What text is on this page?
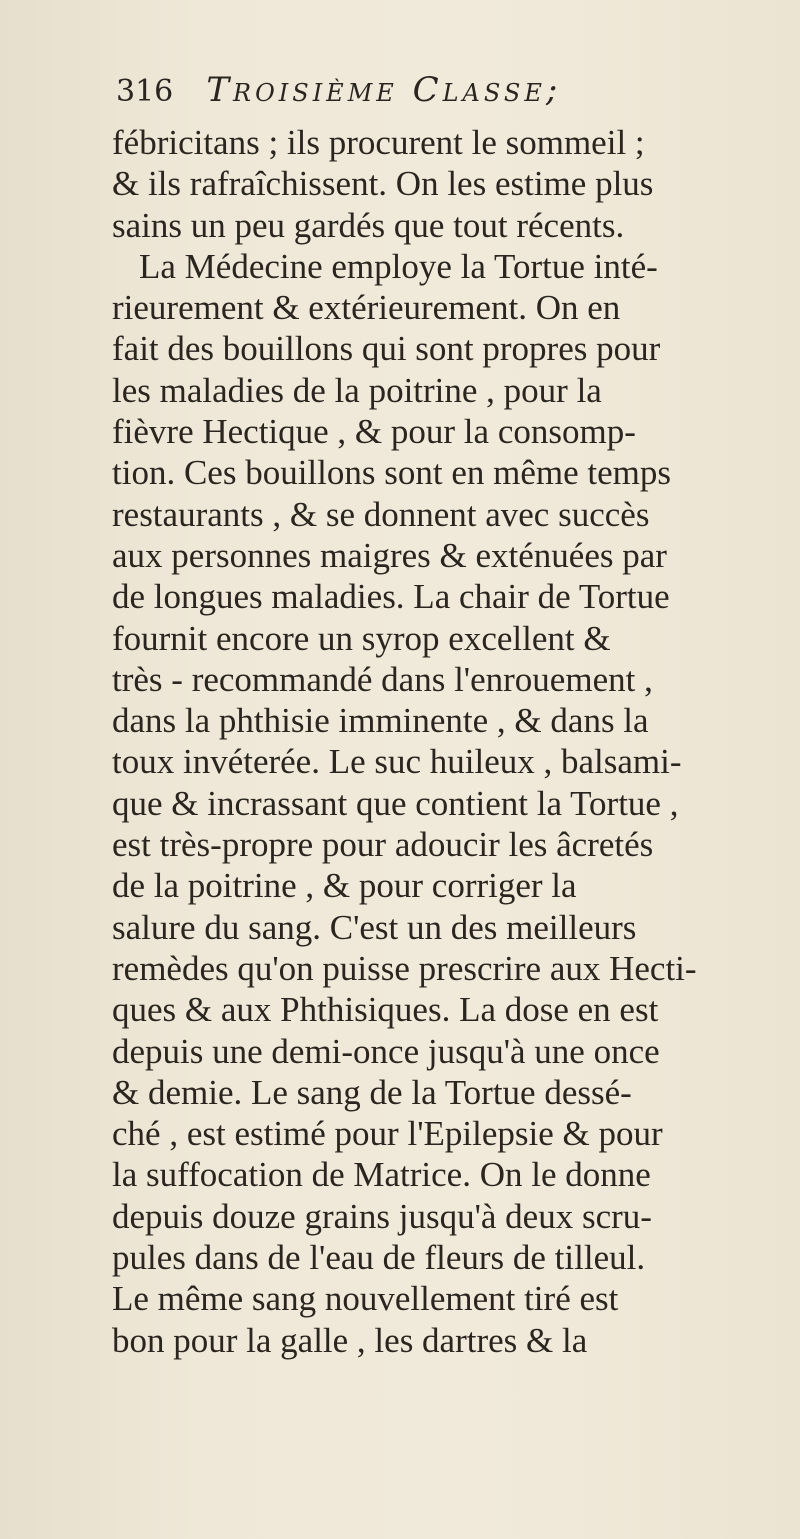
316 Troisième Classe;
fébricitans ; ils procurent le sommeil ;
& ils rafraîchissent. On les estime plus
sains un peu gardés que tout récents.
La Médecine employe la Tortue inté-
rieurement & extérieurement. On en
fait des bouillons qui sont propres pour
les maladies de la poitrine , pour la
fièvre Hectique , & pour la consomp-
tion. Ces bouillons sont en même temps
restaurants , & se donnent avec succès
aux personnes maigres & exténuées par
de longues maladies. La chair de Tortue
fournit encore un syrop excellent &
très - recommandé dans l'enrouement ,
dans la phthisie imminente , & dans la
toux invéterée. Le suc huileux , balsami-
que & incrassant que contient la Tortue ,
est très-propre pour adoucir les âcretés
de la poitrine , & pour corriger la
salure du sang. C'est un des meilleurs
remèdes qu'on puisse prescrire aux Hecti-
ques & aux Phthisiques. La dose en est
depuis une demi-once jusqu'à une once
& demie. Le sang de la Tortue dessé-
ché , est estimé pour l'Epilepsie & pour
la suffocation de Matrice. On le donne
depuis douze grains jusqu'à deux scru-
pules dans de l'eau de fleurs de tilleul.
Le même sang nouvellement tiré est
bon pour la galle , les dartres & la
